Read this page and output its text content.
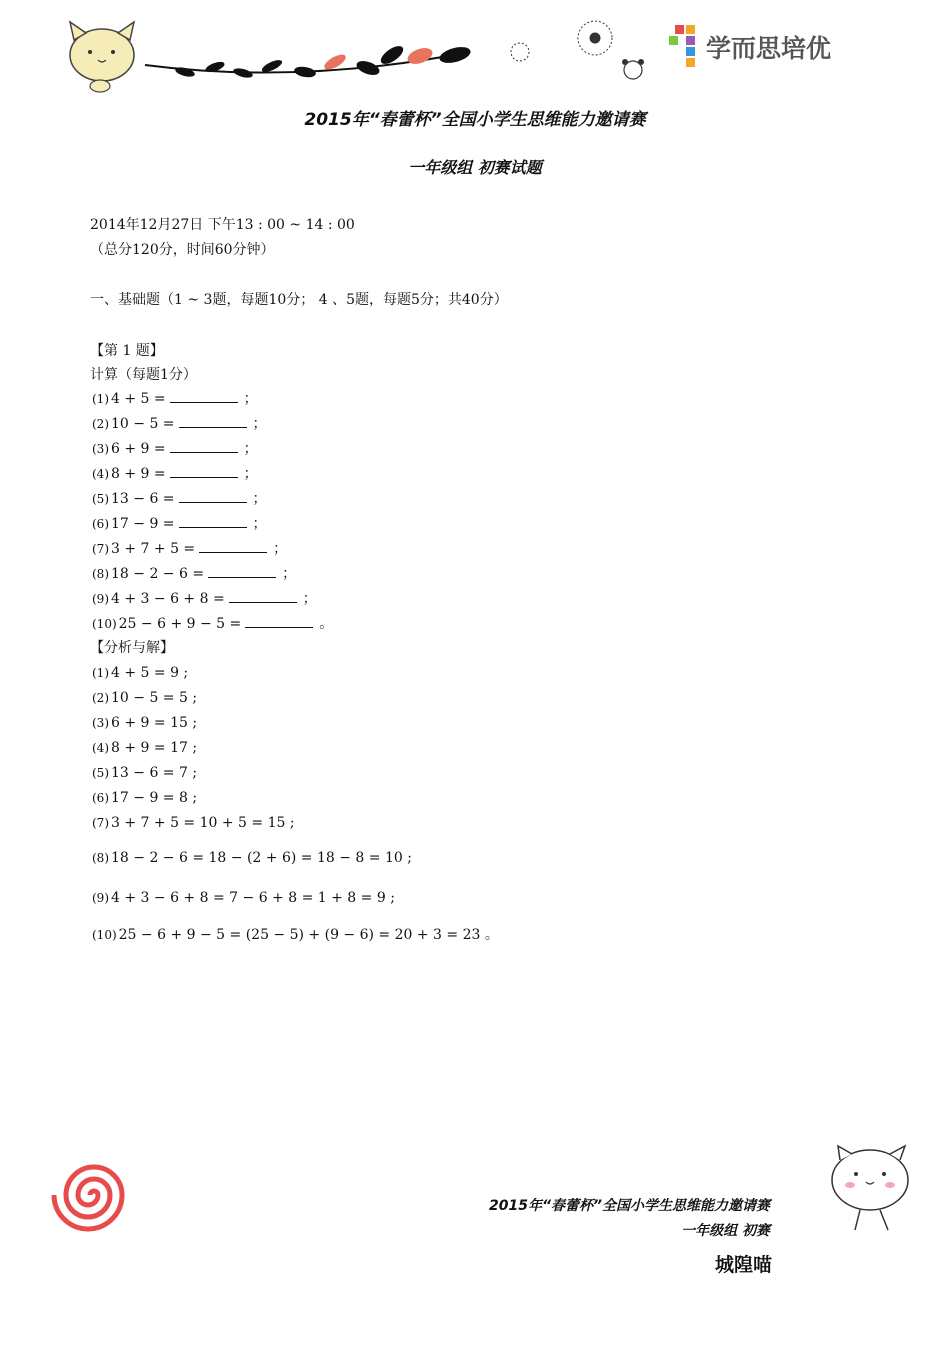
学而思培优
2015年“春蕾杯”全国小学生思维能力邀请赛
一年级组 初赛试题
2014年12月27日 下午13 : 00 ~ 14 : 00
（总分120分，时间60分钟）
一、基础题（1 ~ 3题，每题10分； 4 、5题，每题5分；共40分）
【第 1 题】
计算（每题1分）
(1) 4 + 5 =	；
(2) 10 − 5 =	；
(3) 6 + 9 =	；
(4) 8 + 9 =	；
(5) 13 − 6 =	；
(6) 17 − 9 =	；
(7) 3 + 7 + 5 =	；
(8) 18 − 2 − 6 =	；
(9) 4 + 3 − 6 + 8 =	；
(10) 25 − 6 + 9 − 5 =	。
【分析与解】
(1) 4 + 5 = 9 ;
(2) 10 − 5 = 5 ;
(3) 6 + 9 = 15 ;
(4) 8 + 9 = 17 ;
(5) 13 − 6 = 7 ;
(6) 17 − 9 = 8 ;
(7) 3 + 7 + 5 = 10 + 5 = 15 ;
(8) 18 − 2 − 6 = 18 − (2 + 6) = 18 − 8 = 10 ;
(9) 4 + 3 − 6 + 8 = 7 − 6 + 8 = 1 + 8 = 9 ;
(10) 25 − 6 + 9 − 5 = (25 − 5) + (9 − 6) = 20 + 3 = 23 。
2015年“春蕾杯”全国小学生思维能力邀请赛
一年级组 初赛
城隍喵
